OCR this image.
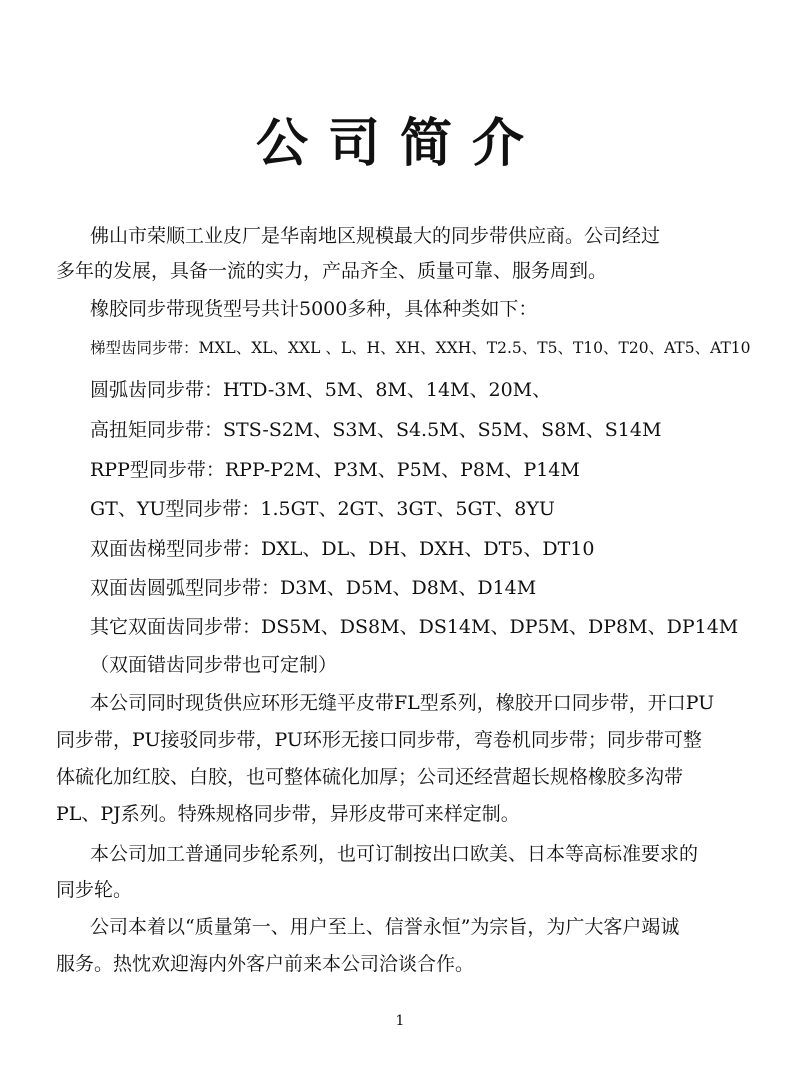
公司简介
佛山市荣顺工业皮厂是华南地区规模最大的同步带供应商。公司经过
多年的发展，具备一流的实力，产品齐全、质量可靠、服务周到。
橡胶同步带现货型号共计5000多种，具体种类如下：
梯型齿同步带：MXL、XL、XXL 、L、H、XH、XXH、T2.5、T5、T10、T20、AT5、AT10
圆弧齿同步带：HTD-3M、5M、8M、14M、20M、
高扭矩同步带：STS-S2M、S3M、S4.5M、S5M、S8M、S14M
RPP型同步带：RPP-P2M、P3M、P5M、P8M、P14M
GT、YU型同步带：1.5GT、2GT、3GT、5GT、8YU
双面齿梯型同步带：DXL、DL、DH、DXH、DT5、DT10
双面齿圆弧型同步带：D3M、D5M、D8M、D14M
其它双面齿同步带：DS5M、DS8M、DS14M、DP5M、DP8M、DP14M
（双面错齿同步带也可定制）
本公司同时现货供应环形无缝平皮带FL型系列，橡胶开口同步带，开口PU
同步带，PU接驳同步带，PU环形无接口同步带，弯卷机同步带；同步带可整
体硫化加红胶、白胶，也可整体硫化加厚；公司还经营超长规格橡胶多沟带
PL、PJ系列。特殊规格同步带，异形皮带可来样定制。
本公司加工普通同步轮系列，也可订制按出口欧美、日本等高标准要求的
同步轮。
公司本着以“质量第一、用户至上、信誉永恒”为宗旨，为广大客户竭诚
服务。热忱欢迎海内外客户前来本公司洽谈合作。
1
